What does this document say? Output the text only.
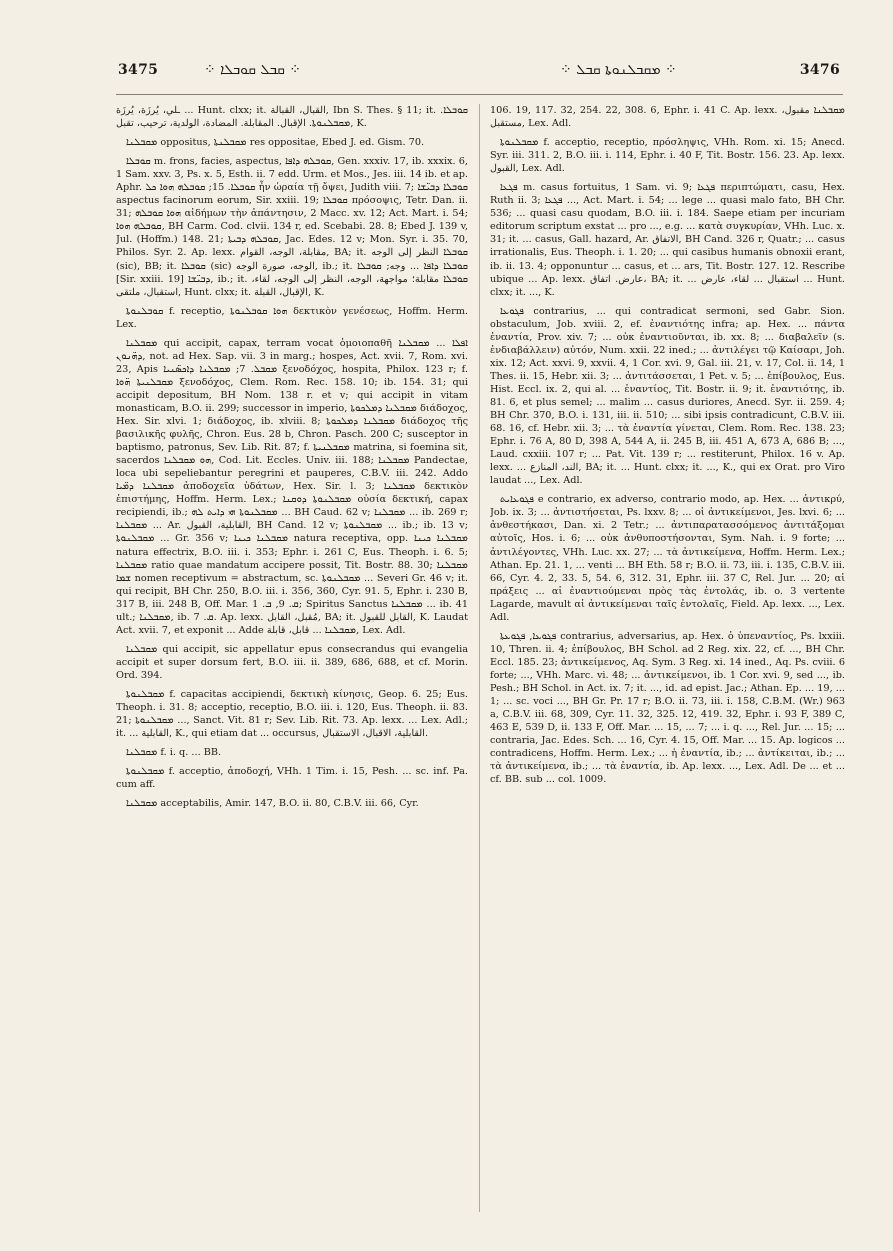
3475	⁘ ܩܒܠ ܩܘܒܠܐ ⁘	⁘ ܡܩܒܠܢܘܬܐ ܩܒܠ ⁘	3476

ـلي، يُرزَة، يُرزَة ... Hunt. clxx; it. القبال، القبالة, Ibn S. Thes. § 11; it. ܩܘܒܠܐ. ܡܩܒܠܢܘܬܐ. الإقبال. المقابلة. المضادة، الولدية، ترحيب، تقبل, K.

ܡܩܒܠܢܐ oppositus, ܡܩܒܠܢܬܐ res oppositae, Ebed J. ed. Gism. 70.

ܩܘܒܠܐ m. frons, facies, aspectus, ܩܘܒܠܗ ܕܐܦܐ, Gen. xxxiv. 17, ib. xxxix. 6, 1 Sam. xxv. 3, Ps. x. 5, Esth. ii. 7 edd. Urm. et Mos., Jes. iii. 14 ib. et ap. Aphr. ܩܘܒܠܐ. 15; ܩܘܒܠܗ ܗܘܐ ܟܠ ἦν ὡραία τῇ ὄψει, Judith viii. 7; ܩܘܒܠܐ ܕܒܝ̈ܫܐ aspectus facinorum eorum, Sir. xxiii. 19; ܩܘܒܠܐ πρόσοψις, Tetr. Dan. ii. 31; ܗܘܐ ܩܘܒܠܗ αἰδήμων τὴν ἀπάντησιν, 2 Macc. xv. 12; Act. Mart. i. 54; ܩܘܒܠܗ ܗܘܐ, BH Carm. Cod. clvii. 134 r, ed. Scebabi. 28. 8; Ebed J. 139 v, Jul. (Hoffm.) 148. 21; ܩܘܒܠܗ ܕܒܝܬܐ, Jac. Edes. 12 v; Mon. Syr. i. 35. 70, Philos. Syr. 2. Ap. lexx. مقابلة، الوجه، القوام, BA; it. ܩܘܒܠܐ النظر إلى الوجه (sic), BB; it. ܩܘܒܠܐ (sic) الوجه، صورة الوجه, ib.; it. ܩܘܒܠܐ ܕܐܦܐ ... وجه; ܩܘܒܠܐ [Sir. xxiii. 19] ܕܒܝ̈ܫܐ, ib.; it. ܩܘܒܠܐ مقابلة؛ مواجهة، الوجه، النظر إلى الوجه، لقاء، استقبال، ملتقى, Hunt. clxx; it. الإقبال، القبلة, K.

ܩܘܒܠܢܘܬܐ f. receptio, ܗܘܐ ܩܘܒܠܢܘܬܐ δεκτικὸν γενέσεως, Hoffm. Herm. Lex.

ܡܩܒܠܢܐ qui accipit, capax, terram vocat ὁμοιοπαθῆ ܐܦܠܐ ... ܡܩܒܠܢܐ ܕܗ̈ܢܘܢ, not. ad Hex. Sap. vii. 3 in marg.; hospes, Act. xvii. 7, Rom. xvi. 23, Apis ܡܩܒܠ. 7; ܡܩܒܠܢܐ ܕܐܟܣ̈ܢܝܐ ξενοδόχος, hospita, Philox. 123 r; f. ܡܩܒܠܢܝܬܐ ܗ̈ܘܐ ξενοδόχος, Clem. Rom. Rec. 158. 10; ib. 154. 31; qui accipit depositum, BH Nom. 138 r. et v; qui accipit in vitam monasticam, B.O. ii. 299; successor in imperio, ܡܩܒܠܢܐ ܕܡܠܟܘܬܐ διάδοχος, Hex. Sir. xlvi. 1; διάδοχος, ib. xlviii. 8; ܡܩܒܠܢܐ ܕܡܠܟܘܬܐ διάδοχος τῆς βασιλικῆς φυλῆς, Chron. Eus. 28 b, Chron. Pasch. 200 C; susceptor in baptismo, patronus, Sev. Lib. Rit. 87; f. ܡܩܒܠܢܝܬܐ matrina, si foemina sit, sacerdos ܗܘ ܡܩܒܠܢܐ, Cod. Lit. Eccles. Univ. iii. 188; ܡܩܒܠܢܐ Pandectae, loca ubi sepeliebantur peregrini et pauperes, C.B.V. iii. 242. Addo ܡܩܒܠܢܐ ܕܡ̈ܝܐ ἀποδοχεῖα ὑδάτων, Hex. Sir. l. 3; ܡܩܒܠܢܐ δεκτικὸν ἐπιστήμης, Hoffm. Herm. Lex.; ܡܩܒܠܢܘܬܐ ܕܘܩܢܐ οὐσία δεκτική, capax recipiendi, ib.; ܡܩܒܠܢܘܬܐ ܗܝ ܕܐܝܬ ܠܗ ... BH Caud. 62 v; ܡܩܒܠܢܐ ... ib. 269 r; ܡܩܒܠܢܐ ... Ar. القابلية، القبول, BH Cand. 12 v; ܡܩܒܠܢܘܬܐ ... ib.; ib. 13 v; ܡܩܒܠܢܘܬܐ ... Gr. 356 v; ܡܩܒܠܢܐ ܟܝܢܐ natura receptiva, opp. ܡܩܒܠܢܐ ܟܝܢܐ natura effectrix, B.O. iii. i. 353; Ephr. i. 261 C, Eus. Theoph. i. 6. 5; ܡܩܒܠܢܐ ratio quae mandatum accipere possit, Tit. Bostr. 88. 30; ܡܩܒܠܢܐ ܫܡܐ nomen receptivum = abstractum, sc. ܡܩܒܠܢܘܬܐ ... Severi Gr. 46 v; it. qui recipit, BH Chr. 250, B.O. iii. i. 356, 360, Cyr. 91. 5, Ephr. i. 230 B, 317 B, iii. 248 B, Off. Mar. ܩ. 9, ܒ. 1; Spiritus Sanctus ܡܩܒܠܢܐ ... ib. 41 ult.; ܡܩܒܠܢܐ, ib. ܩ. 7. Ap. lexx. مُقبل، القابل, BA; it. القابل للقبول, K. Laudat Act. xvii. 7, et exponit ... Adde ܡܩܒܠܢܐ ... قابل، قابلة, Lex. Adl.

ܡܩܒܠܢܐ qui accipit, sic appellatur epus consecrandus qui evangelia accipit et super dorsum fert, B.O. iii. ii. 389, 686, 688, et cf. Morin. Ord. 394.

ܡܩܒܠܢܘܬܐ f. capacitas accipiendi, δεκτικὴ κίνησις, Geop. 6. 25; Eus. Theoph. i. 31. 8; acceptio, receptio, B.O. iii. i. 120, Eus. Theoph. ii. 83. 21; ܡܩܒܠܢܘܬܐ ..., Sanct. Vit. 81 r; Sev. Lib. Rit. 73. Ap. lexx. ... Lex. Adl.; it. ... القابلية, K., qui etiam dat ... occursus, القابلية، الاقبال، الاستقبال.

ܡܩܒܠܢܐ f. i. q. ... BB.

ܡܩܒܠܢܘܬܐ f. acceptio, ἀποδοχή, VHh. 1 Tim. i. 15, Pesh. ... sc. inf. Pa. cum aff.

ܡܩܒܠܢܐ acceptabilis, Amir. 147, B.O. ii. 80, C.B.V. iii. 66, Cyr.

106. 19, 117. 32, 254. 22, 308. 6, Ephr. i. 41 C. Ap. lexx. ܡܩܒܠܢܐ مقبول، مستقبل, Lex. Adl.

ܡܩܒܠܢܘܬܐ f. acceptio, receptio, πρόσληψις, VHh. Rom. xi. 15; Anecd. Syr. iii. 311. 2, B.O. iii. i. 114, Ephr. i. 40 F, Tit. Bostr. 156. 23. Ap. lexx. القبول, Lex. Adl.

ܦܓܥܐ m. casus fortuitus, 1 Sam. vi. 9; ܦܓܥܐ περιπτώματι, casu, Hex. Ruth ii. 3; ܦܓܥܐ ..., Act. Mart. i. 54; ... lege ... quasi malo fato, BH Chr. 536; ... quasi casu quodam, B.O. iii. i. 184. Saepe etiam per incuriam editorum scriptum exstat ... pro ..., e.g. ... κατὰ συγκυρίαν, VHh. Luc. x. 31; it. ... casus, Gall. hazard, Ar. الاتفاق, BH Cand. 326 r, Quatr.; ... casus irrationalis, Eus. Theoph. i. 1. 20; ... qui casibus humanis obnoxii erant, ib. ii. 13. 4; opponuntur ... casus, et ... ars, Tit. Bostr. 127. 12. Rescribe ubique ... Ap. lexx. عارض. اتفاق، BA; it. ... استقبال ... لقاء، عارض ... Hunt. clxx; it. ..., K.

ܦܓܘܥܐ contrarius, ... qui contradicat sermoni, sed Gabr. Sion. obstaculum, Job. xviii. 2, ef. ἐναντιότης infra; ap. Hex. ... πάντα ἐναντία, Prov. xiv. 7; ... οὐκ ἐναντιοῦνται, ib. xx. 8; ... διαβαλεῖν (s. ἐνδιαβάλλειν) αὐτόν, Num. xxii. 22 ined.; ... ἀντιλέγει τῷ Καίσαρι, Joh. xix. 12; Act. xxvi. 9, xxvii. 4, 1 Cor. xvi. 9, Gal. iii. 21, v. 17, Col. ii. 14, 1 Thes. ii. 15, Hebr. xii. 3; ... ἀντιτάσσεται, 1 Pet. v. 5; ... ἐπίβουλος, Eus. Hist. Eccl. ix. 2, qui al. ... ἐναντίος, Tit. Bostr. ii. 9; it. ἐναντιότης, ib. 81. 6, et plus semel; ... malim ... casus duriores, Anecd. Syr. ii. 259. 4; BH Chr. 370, B.O. i. 131, iii. ii. 510; ... sibi ipsis contradicunt, C.B.V. iii. 68. 16, cf. Hebr. xii. 3; ... τὰ ἐναντία γίνεται, Clem. Rom. Rec. 138. 23; Ephr. i. 76 A, 80 D, 398 A, 544 A, ii. 245 B, iii. 451 A, 673 A, 686 B; ..., Laud. cxxiii. 107 r; ... Pat. Vit. 139 r; ... restiterunt, Philox. 16 v. Ap. lexx. ... الند، المنازع, BA; it. ... Hunt. clxx; it. ..., K., qui ex Orat. pro Viro laudat ..., Lex. Adl.

ܦܓܘܥܐܝܬ e contrario, ex adverso, contrario modo, ap. Hex. ... ἀντικρύ, Job. ix. 3; ... ἀντιστήσεται, Ps. lxxv. 8; ... οἱ ἀντικείμενοι, Jes. lxvi. 6; ... ἀνθεστήκασι, Dan. xi. 2 Tetr.; ... ἀντιπαρατασσόμενος ἀντιτάξομαι αὐτοῖς, Hos. i. 6; ... οὐκ ἀνθυποστήσονται, Sym. Nah. i. 9 forte; ... ἀντιλέγοντες, VHh. Luc. xx. 27; ... τὰ ἀντικείμενα, Hoffm. Herm. Lex.; Athan. Ep. 21. 1, ... venti ... BH Eth. 58 r; B.O. ii. 73, iii. i. 135, C.B.V. iii. 66, Cyr. 4. 2, 33. 5, 54. 6, 312. 31, Ephr. iii. 37 C, Rel. Jur. ... 20; αἱ πράξεις ... αἱ ἐναντιούμεναι πρὸς τὰς ἐντολάς, ib. o. 3 vertente Lagarde, mavult αἱ ἀντικείμεναι ταῖς ἐντολαῖς, Field. Ap. lexx. ..., Lex. Adl.

ܦܓܘܥܐ, ܦܓܘܥܬܐ contrarius, adversarius, ap. Hex. ὁ ὑπεναντίος, Ps. lxxiii. 10, Thren. ii. 4; ἐπίβουλος, BH Schol. ad 2 Reg. xix. 22, cf. ..., BH Chr. Eccl. 185. 23; ἀντικείμενος, Aq. Sym. 3 Reg. xi. 14 ined., Aq. Ps. cviii. 6 forte; ..., VHh. Marc. vi. 48; ... ἀντικείμενοι, ib. 1 Cor. xvi. 9, sed ..., ib. Pesh.; BH Schol. in Act. ix. 7; it. ..., id. ad epist. Jac.; Athan. Ep. ... 19, ... 1; ... sc. voci ..., BH Gr. Pr. 17 r; B.O. ii. 73, iii. i. 158, C.B.M. (Wr.) 963 a, C.B.V. iii. 68, 309, Cyr. 11. 32, 325. 12, 419. 32, Ephr. i. 93 F, 389 C, 463 E, 539 D, ii. 133 F, Off. Mar. ... 15, ... 7; ... i. q. ..., Rel. Jur. ... 15; ... contraria, Jac. Edes. Sch. ... 16, Cyr. 4. 15, Off. Mar. ... 15. Ap. logicos ... contradicens, Hoffm. Herm. Lex.; ... ἡ ἐναντία, ib.; ... ἀντίκειται, ib.; ... τὰ ἀντικείμενα, ib.; ... τὰ ἐναντία, ib. Ap. lexx. ..., Lex. Adl. De ... et ... cf. BB. sub ... col. 1009.
